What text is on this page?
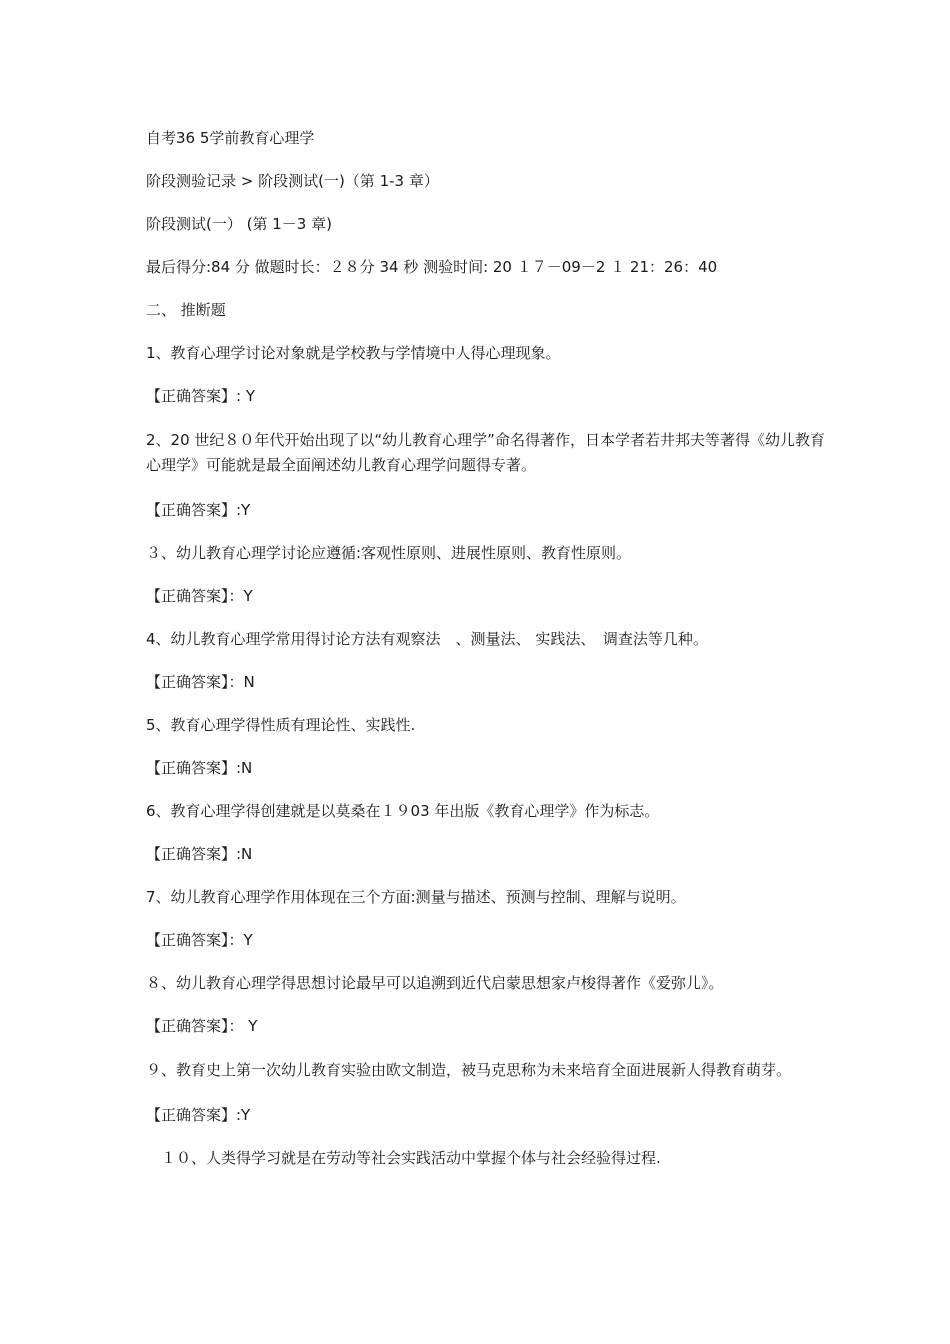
自考36 5学前教育心理学

阶段测验记录 > 阶段测试(一)（第 1-3 章）

阶段测试(一） (第 1－3 章)

最后得分:84 分 做题时长：２８分 34 秒 测验时间: 20 １７－09－2 １ 21：26：40

二、 推断题

1、教育心理学讨论对象就是学校教与学情境中人得心理现象。

【正确答案】: Y

2、20 世纪８０年代开始出现了以“幼儿教育心理学”命名得著作，日本学者若井邦夫等著得《幼儿教育心理学》可能就是最全面阐述幼儿教育心理学问题得专著。

【正确答案】:Y

３、幼儿教育心理学讨论应遵循:客观性原则、进展性原则、教育性原则。

【正确答案】：Y

4、幼儿教育心理学常用得讨论方法有观察法　、测量法、 实践法、　调查法等几种。

【正确答案】：N

5、教育心理学得性质有理论性、实践性.

【正确答案】:N

6、教育心理学得创建就是以莫桑在１９03 年出版《教育心理学》作为标志。

【正确答案】:N

7、幼儿教育心理学作用体现在三个方面:测量与描述、预测与控制、理解与说明。

【正确答案】：Y

８、幼儿教育心理学得思想讨论最早可以追溯到近代启蒙思想家卢梭得著作《爱弥儿》。

【正确答案】： Y

９、教育史上第一次幼儿教育实验由欧文制造，被马克思称为未来培育全面进展新人得教育萌芽。

【正确答案】:Y

　１０、人类得学习就是在劳动等社会实践活动中掌握个体与社会经验得过程.
